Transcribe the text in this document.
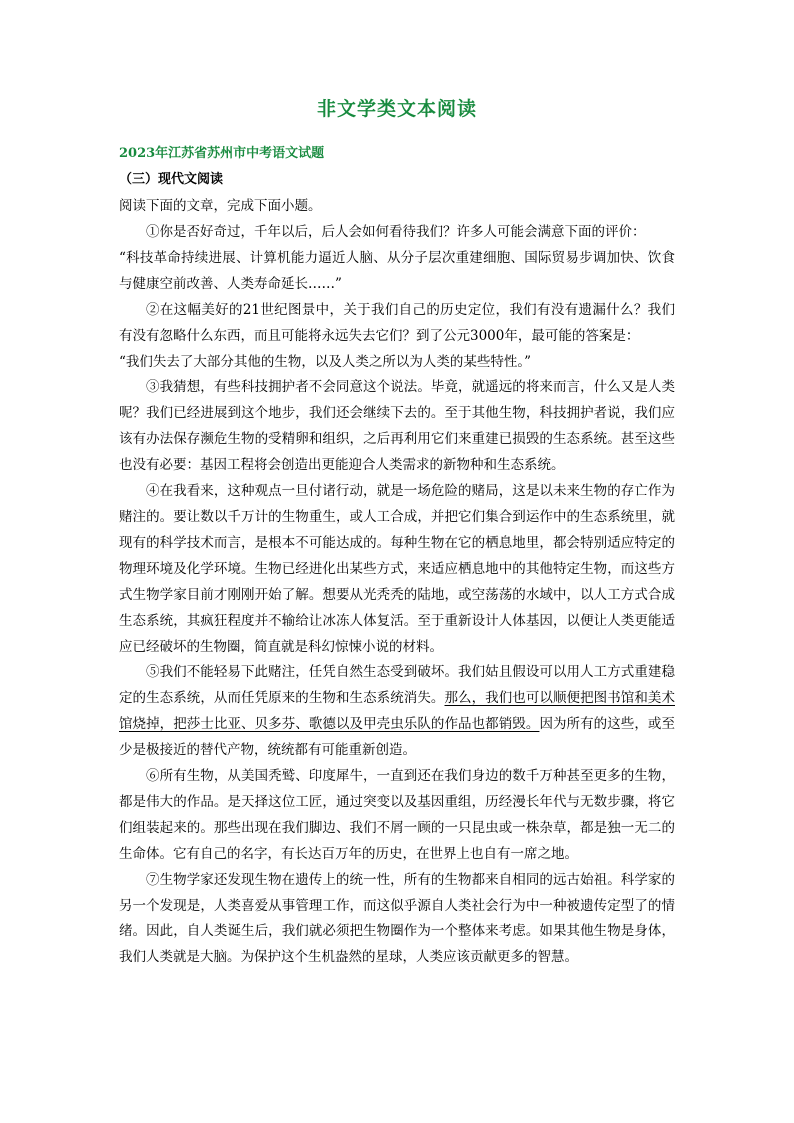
非文学类文本阅读

2023年江苏省苏州市中考语文试题

（三）现代文阅读

阅读下面的文章，完成下面小题。

①你是否好奇过，千年以后，后人会如何看待我们？许多人可能会满意下面的评价：

“科技革命持续进展、计算机能力逼近人脑、从分子层次重建细胞、国际贸易步调加快、饮食与健康空前改善、人类寿命延长……”

②在这幅美好的21世纪图景中，关于我们自己的历史定位，我们有没有遗漏什么？我们有没有忽略什么东西，而且可能将永远失去它们？到了公元3000年，最可能的答案是：

“我们失去了大部分其他的生物，以及人类之所以为人类的某些特性。”

③我猜想，有些科技拥护者不会同意这个说法。毕竟，就遥远的将来而言，什么又是人类呢？我们已经进展到这个地步，我们还会继续下去的。至于其他生物，科技拥护者说，我们应该有办法保存濒危生物的受精卵和组织，之后再利用它们来重建已损毁的生态系统。甚至这些也没有必要：基因工程将会创造出更能迎合人类需求的新物种和生态系统。

④在我看来，这种观点一旦付诸行动，就是一场危险的赌局，这是以未来生物的存亡作为赌注的。要让数以千万计的生物重生，或人工合成，并把它们集合到运作中的生态系统里，就现有的科学技术而言，是根本不可能达成的。每种生物在它的栖息地里，都会特别适应特定的物理环境及化学环境。生物已经进化出某些方式，来适应栖息地中的其他特定生物，而这些方式生物学家目前才刚刚开始了解。想要从光秃秃的陆地，或空荡荡的水域中，以人工方式合成生态系统，其疯狂程度并不输给让冰冻人体复活。至于重新设计人体基因，以便让人类更能适应已经破坏的生物圈，简直就是科幻惊悚小说的材料。

⑤我们不能轻易下此赌注，任凭自然生态受到破坏。我们姑且假设可以用人工方式重建稳定的生态系统，从而任凭原来的生物和生态系统消失。那么，我们也可以顺便把图书馆和美术馆烧掉，把莎士比亚、贝多芬、歌德以及甲壳虫乐队的作品也都销毁。因为所有的这些，或至少是极接近的替代产物，统统都有可能重新创造。

⑥所有生物，从美国秃鹫、印度犀牛，一直到还在我们身边的数千万种甚至更多的生物，都是伟大的作品。是天择这位工匠，通过突变以及基因重组，历经漫长年代与无数步骤，将它们组装起来的。那些出现在我们脚边、我们不屑一顾的一只昆虫或一株杂草，都是独一无二的生命体。它有自己的名字，有长达百万年的历史，在世界上也自有一席之地。

⑦生物学家还发现生物在遗传上的统一性，所有的生物都来自相同的远古始祖。科学家的另一个发现是，人类喜爱从事管理工作，而这似乎源自人类社会行为中一种被遗传定型了的情绪。因此，自人类诞生后，我们就必须把生物圈作为一个整体来考虑。如果其他生物是身体，我们人类就是大脑。为保护这个生机盎然的星球，人类应该贡献更多的智慧。
